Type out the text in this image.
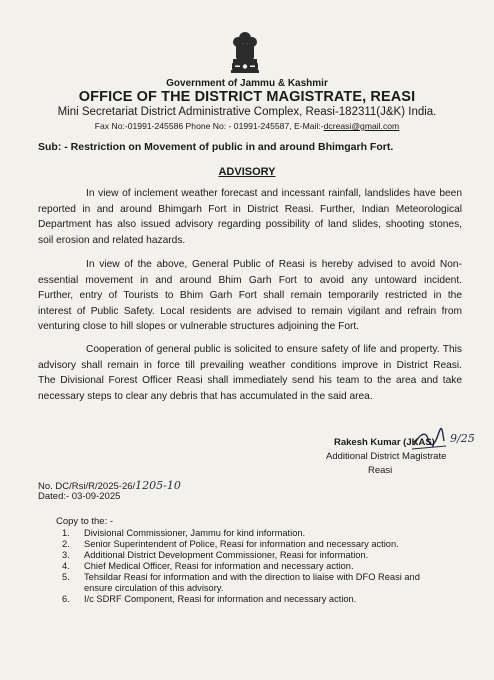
Government of Jammu & Kashmir
OFFICE OF THE DISTRICT MAGISTRATE, REASI
Mini Secretariat District Administrative Complex, Reasi-182311(J&K) India.
Fax No:-01991-245586 Phone No: - 01991-245587, E-Mail:-dcreasi@gmail.com
Sub: - Restriction on Movement of public in and around Bhimgarh Fort.
ADVISORY
In view of inclement weather forecast and incessant rainfall, landslides have been
reported in and around Bhimgarh Fort in District Reasi. Further, Indian Meteorological
Department has also issued advisory regarding possibility of land slides, shooting stones,
soil erosion and related hazards.
In view of the above, General Public of Reasi is hereby advised to avoid Non-
essential movement in and around Bhim Garh Fort to avoid any untoward incident.
Further, entry of Tourists to Bhim Garh Fort shall remain temporarily restricted in the
interest of Public Safety. Local residents are advised to remain vigilant and refrain from
venturing close to hill slopes or vulnerable structures adjoining the Fort.
Cooperation of general public is solicited to ensure safety of life and property. This
advisory shall remain in force till prevailing weather conditions improve in District Reasi.
The Divisional Forest Officer Reasi shall immediately send his team to the area and take
necessary steps to clear any debris that has accumulated in the said area.
9/25
Rakesh Kumar (JKAS)
Additional District Magistrate
Reasi
No. DC/Rsi/R/2025-26/1205-10
Dated:- 03-09-2025
Copy to the: -
1.	Divisional Commissioner, Jammu for kind information.
2.	Senior Superintendent of Police, Reasi for information and necessary action.
3.	Additional District Development Commissioner, Reasi for information.
4.	Chief Medical Officer, Reasi for information and necessary action.
5.	Tehsildar Reasi for information and with the direction to liaise with DFO Reasi and
ensure circulation of this advisory.
6.	I/c SDRF Component, Reasi for information and necessary action.
